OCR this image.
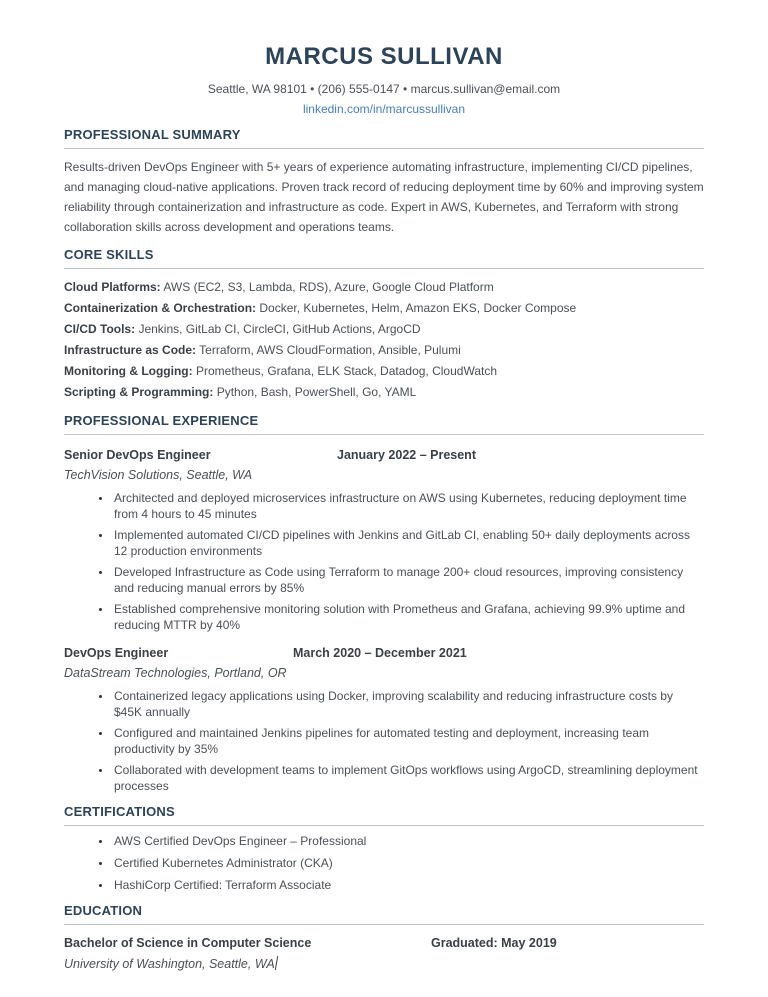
MARCUS SULLIVAN

Seattle, WA 98101 • (206) 555-0147 • marcus.sullivan@email.com

linkedin.com/in/marcussullivan

PROFESSIONAL SUMMARY

Results-driven DevOps Engineer with 5+ years of experience automating infrastructure, implementing CI/CD pipelines, and managing cloud-native applications. Proven track record of reducing deployment time by 60% and improving system reliability through containerization and infrastructure as code. Expert in AWS, Kubernetes, and Terraform with strong collaboration skills across development and operations teams.

CORE SKILLS

Cloud Platforms: AWS (EC2, S3, Lambda, RDS), Azure, Google Cloud Platform

Containerization & Orchestration: Docker, Kubernetes, Helm, Amazon EKS, Docker Compose

CI/CD Tools: Jenkins, GitLab CI, CircleCI, GitHub Actions, ArgoCD

Infrastructure as Code: Terraform, AWS CloudFormation, Ansible, Pulumi

Monitoring & Logging: Prometheus, Grafana, ELK Stack, Datadog, CloudWatch

Scripting & Programming: Python, Bash, PowerShell, Go, YAML

PROFESSIONAL EXPERIENCE
Senior DevOps Engineer	January 2022 – Present

TechVision Solutions, Seattle, WA

• Architected and deployed microservices infrastructure on AWS using Kubernetes, reducing deployment time from 4 hours to 45 minutes
• Implemented automated CI/CD pipelines with Jenkins and GitLab CI, enabling 50+ daily deployments across 12 production environments
• Developed Infrastructure as Code using Terraform to manage 200+ cloud resources, improving consistency and reducing manual errors by 85%
• Established comprehensive monitoring solution with Prometheus and Grafana, achieving 99.9% uptime and reducing MTTR by 40%
DevOps Engineer	March 2020 – December 2021

DataStream Technologies, Portland, OR

• Containerized legacy applications using Docker, improving scalability and reducing infrastructure costs by $45K annually
• Configured and maintained Jenkins pipelines for automated testing and deployment, increasing team productivity by 35%
• Collaborated with development teams to implement GitOps workflows using ArgoCD, streamlining deployment processes
CERTIFICATIONS
• AWS Certified DevOps Engineer – Professional
• Certified Kubernetes Administrator (CKA)
• HashiCorp Certified: Terraform Associate
EDUCATION
Bachelor of Science in Computer Science	Graduated: May 2019

University of Washington, Seattle, WA
